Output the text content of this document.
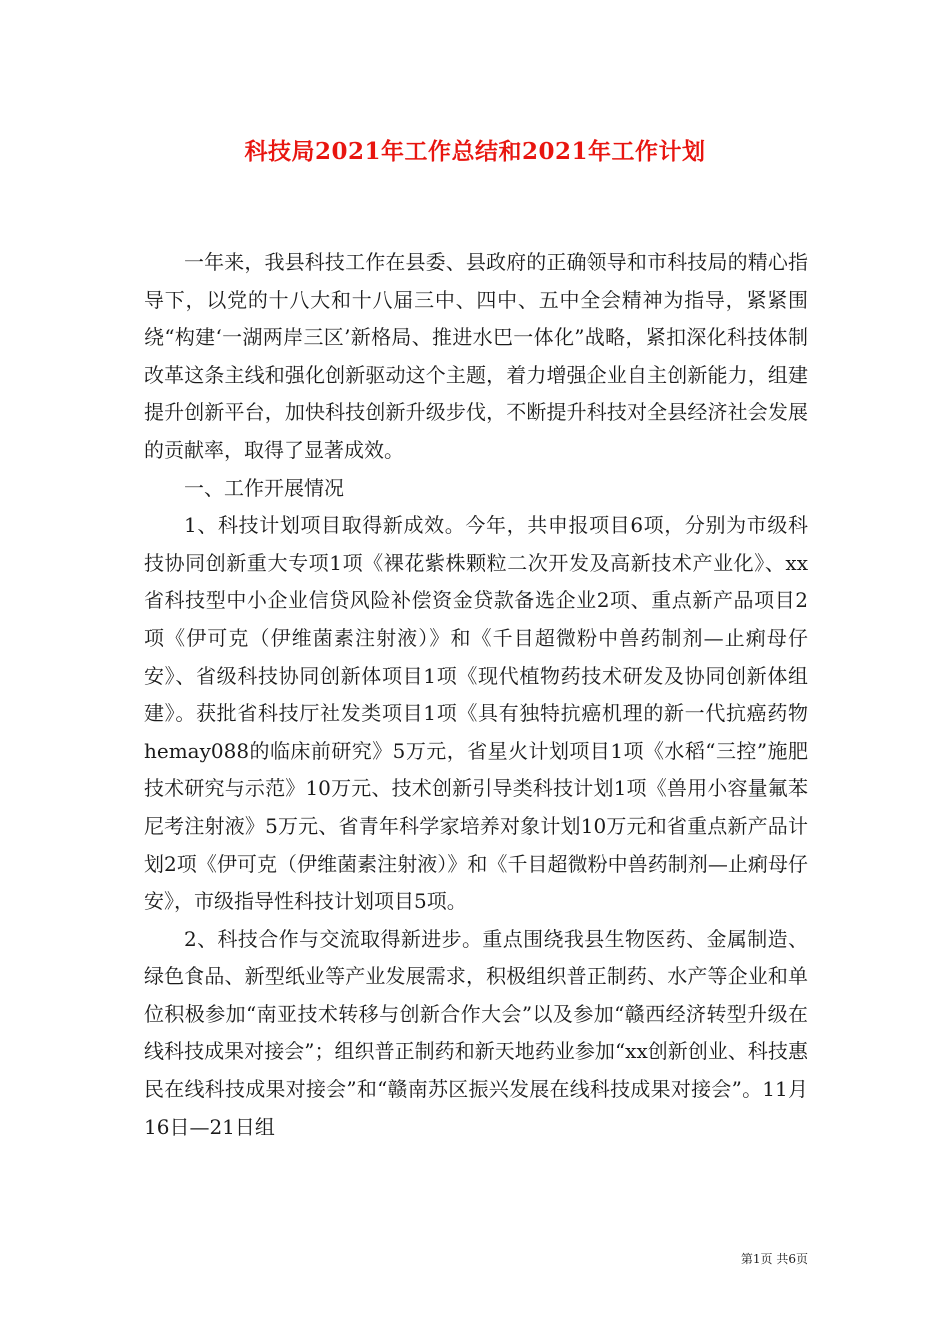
科技局2021年工作总结和2021年工作计划

一年来，我县科技工作在县委、县政府的正确领导和市科技局的精心指导下，以党的十八大和十八届三中、四中、五中全会精神为指导，紧紧围绕“构建‘一湖两岸三区’新格局、推进水巴一体化”战略，紧扣深化科技体制改革这条主线和强化创新驱动这个主题，着力增强企业自主创新能力，组建提升创新平台，加快科技创新升级步伐，不断提升科技对全县经济社会发展的贡献率，取得了显著成效。

一、工作开展情况

1、科技计划项目取得新成效。今年，共申报项目6项，分别为市级科技协同创新重大专项1项《裸花紫株颗粒二次开发及高新技术产业化》、xx省科技型中小企业信贷风险补偿资金贷款备选企业2项、重点新产品项目2项《伊可克（伊维菌素注射液）》和《千目超微粉中兽药制剂—止痢母仔安》、省级科技协同创新体项目1项《现代植物药技术研发及协同创新体组建》。获批省科技厅社发类项目1项《具有独特抗癌机理的新一代抗癌药物hemay088的临床前研究》5万元，省星火计划项目1项《水稻“三控”施肥技术研究与示范》10万元、技术创新引导类科技计划1项《兽用小容量氟苯尼考注射液》5万元、省青年科学家培养对象计划10万元和省重点新产品计划2项《伊可克（伊维菌素注射液）》和《千目超微粉中兽药制剂—止痢母仔安》，市级指导性科技计划项目5项。

2、科技合作与交流取得新进步。重点围绕我县生物医药、金属制造、绿色食品、新型纸业等产业发展需求，积极组织普正制药、水产等企业和单位积极参加“南亚技术转移与创新合作大会”以及参加“赣西经济转型升级在线科技成果对接会”；组织普正制药和新天地药业参加“xx创新创业、科技惠民在线科技成果对接会”和“赣南苏区振兴发展在线科技成果对接会”。11月16日—21日组

第1页 共6页
